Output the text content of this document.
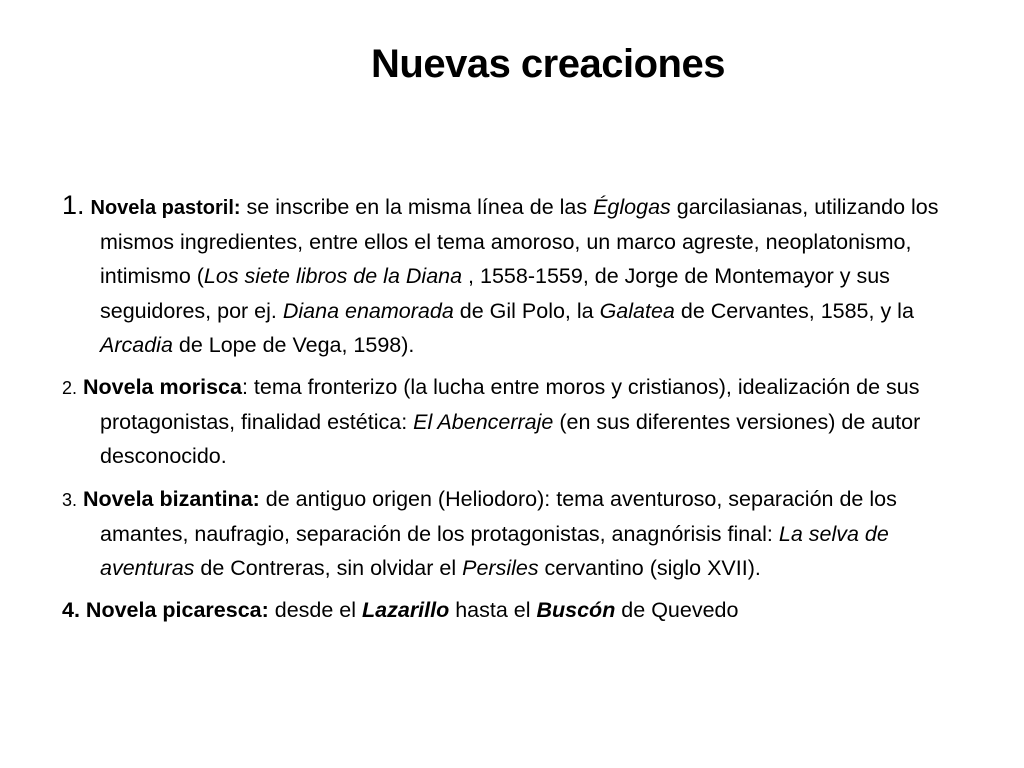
Nuevas creaciones

1. Novela pastoril: se inscribe en la misma línea de las Églogas garcilasianas, utilizando los mismos ingredientes, entre ellos el tema amoroso, un marco agreste, neoplatonismo, intimismo (Los siete libros de la Diana , 1558-1559, de Jorge de Montemayor y sus seguidores, por ej. Diana enamorada de Gil Polo, la Galatea de Cervantes, 1585, y la Arcadia de Lope de Vega, 1598).

2. Novela morisca: tema fronterizo (la lucha entre moros y cristianos), idealización de sus protagonistas, finalidad estética: El Abencerraje (en sus diferentes versiones) de autor desconocido.

3. Novela bizantina: de antiguo origen (Heliodoro): tema aventuroso, separación de los amantes, naufragio, separación de los protagonistas, anagnórisis final: La selva de aventuras de Contreras, sin olvidar el Persiles cervantino (siglo XVII).

4. Novela picaresca: desde el Lazarillo hasta el Buscón de Quevedo
